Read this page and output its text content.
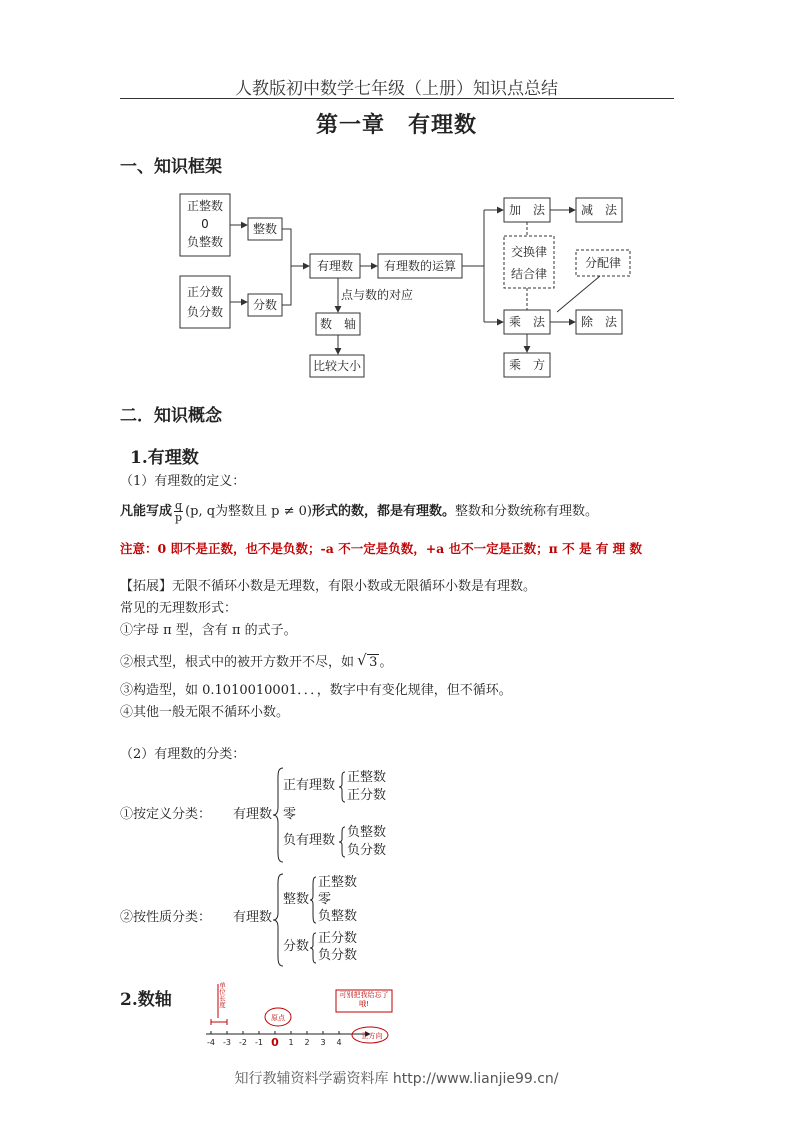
人教版初中数学七年级（上册）知识点总结
第一章　有理数
一、知识框架
正整数
0
负整数
正分数
负分数
整数
分数
有理数	有理数的运算
点与数的对应
数　轴
比较大小
加　法	减　法
交换律
结合律
分配律
乘　法	除　法
乘　方
二．知识概念
1.有理数
（1）有理数的定义：
凡能写成 $\frac{q}{p} (p$, q为整数且 p ≠ 0)形式的数，都是有理数。整数和分数统称有理数。
注意：0 即不是正数，也不是负数；-a 不一定是负数，+a 也不一定是正数；π 不 是 有 理 数
【拓展】无限不循环小数是无理数，有限小数或无限循环小数是有理数。
常见的无理数形式：
①字母 π 型，含有 π 的式子。
②根式型，根式中的被开方数开不尽，如 √ 3 。
③构造型，如 0.1010010001．．．，数字中有变化规律，但不循环。
④其他一般无限不循环小数。
（2）有理数的分类：
①按定义分类： 有理数
正有理数
正整数
正分数
零
负有理数
负整数
负分数
②按性质分类： 有理数
整数
正整数
零
负整数
分数
正分数
负分数
2.数轴
-4 -3 -2 -1 0 1 2 3 4
单位长度
原点
可别把我给忘了哦!
正方向
知行教辅资料学霸资料库 http://www.lianjie99.cn/
